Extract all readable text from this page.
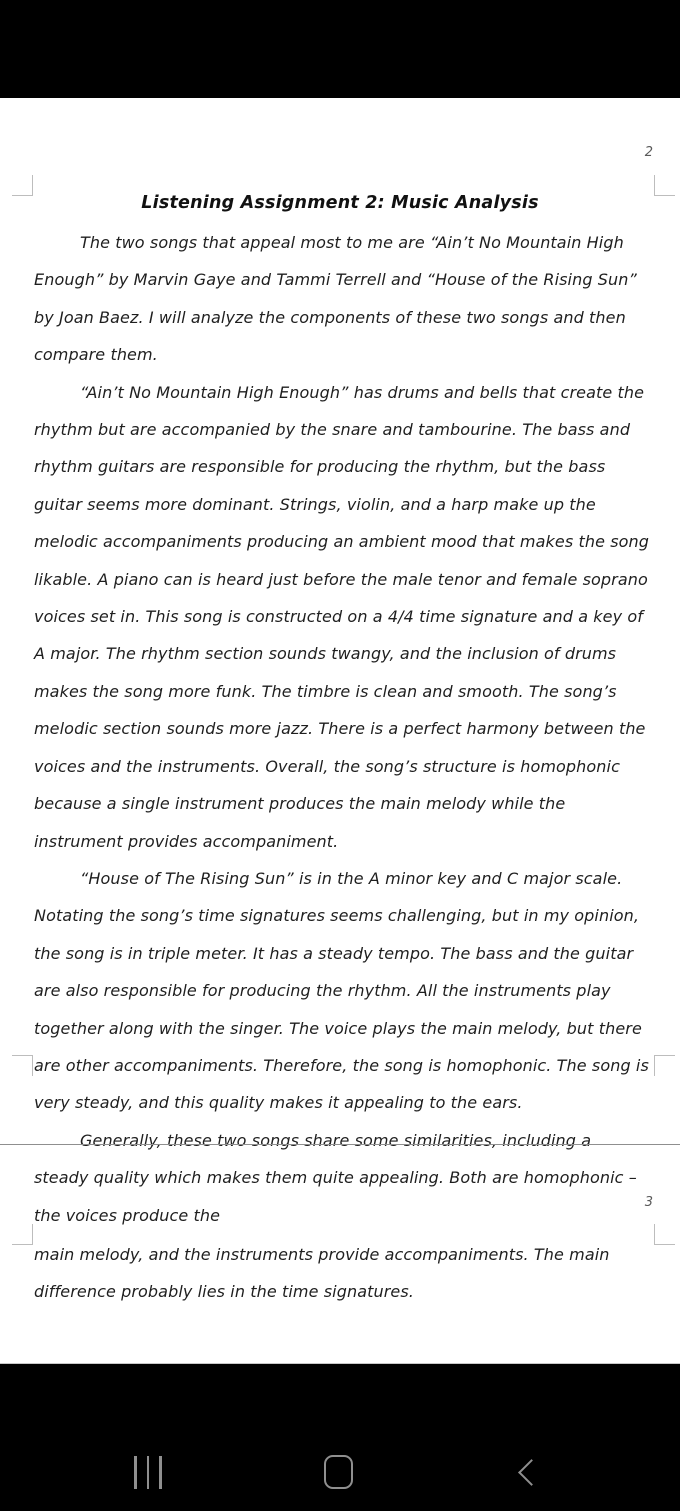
2
Listening Assignment 2: Music Analysis

The two songs that appeal most to me are “Ain’t No Mountain High Enough” by Marvin Gaye and Tammi Terrell and “House of the Rising Sun” by Joan Baez. I will analyze the components of these two songs and then compare them.

“Ain’t No Mountain High Enough” has drums and bells that create the rhythm but are accompanied by the snare and tambourine. The bass and rhythm guitars are responsible for producing the rhythm, but the bass guitar seems more dominant. Strings, violin, and a harp make up the melodic accompaniments producing an ambient mood that makes the song likable. A piano can is heard just before the male tenor and female soprano voices set in. This song is constructed on a 4/4 time signature and a key of A major. The rhythm section sounds twangy, and the inclusion of drums makes the song more funk. The timbre is clean and smooth. The song’s melodic section sounds more jazz. There is a perfect harmony between the voices and the instruments. Overall, the song’s structure is homophonic because a single instrument produces the main melody while the instrument provides accompaniment.

“House of The Rising Sun” is in the A minor key and C major scale. Notating the song’s time signatures seems challenging, but in my opinion, the song is in triple meter. It has a steady tempo. The bass and the guitar are also responsible for producing the rhythm. All the instruments play together along with the singer. The voice plays the main melody, but there are other accompaniments. Therefore, the song is homophonic. The song is very steady, and this quality makes it appealing to the ears.

Generally, these two songs share some similarities, including a steady quality which makes them quite appealing. Both are homophonic – the voices produce the

3

main melody, and the instruments provide accompaniments. The main difference probably lies in the time signatures.
